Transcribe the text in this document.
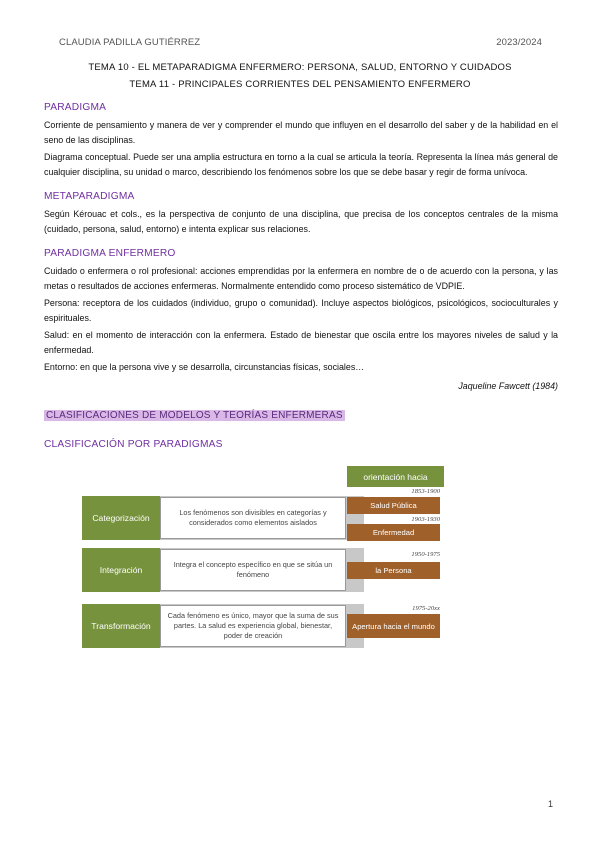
CLAUDIA PADILLA GUTIÉRREZ	2023/2024
TEMA 10 - EL METAPARADIGMA ENFERMERO: PERSONA, SALUD, ENTORNO Y CUIDADOS
TEMA 11 - PRINCIPALES CORRIENTES DEL PENSAMIENTO ENFERMERO

PARADIGMA

Corriente de pensamiento y manera de ver y comprender el mundo que influyen en el desarrollo del saber y de la habilidad en el seno de las disciplinas.

Diagrama conceptual. Puede ser una amplia estructura en torno a la cual se articula la teoría. Representa la línea más general de cualquier disciplina, su unidad o marco, describiendo los fenómenos sobre los que se debe basar y regir de forma unívoca.

METAPARADIGMA

Según Kérouac et cols., es la perspectiva de conjunto de una disciplina, que precisa de los conceptos centrales de la misma (cuidado, persona, salud, entorno) e intenta explicar sus relaciones.

PARADIGMA ENFERMERO

Cuidado o enfermera o rol profesional: acciones emprendidas por la enfermera en nombre de o de acuerdo con la persona, y las metas o resultados de acciones enfermeras. Normalmente entendido como proceso sistemático de VDPIE.

Persona: receptora de los cuidados (individuo, grupo o comunidad). Incluye aspectos biológicos, psicológicos, socioculturales y espirituales.

Salud: en el momento de interacción con la enfermera. Estado de bienestar que oscila entre los mayores niveles de salud y la enfermedad.

Entorno: en que la persona vive y se desarrolla, circunstancias físicas, sociales…

Jaqueline Fawcett (1984)
CLASIFICACIONES DE MODELOS Y TEORÍAS ENFERMERAS

CLASIFICACIÓN POR PARADIGMAS

orientación hacia
Categorización
Los fenómenos son divisibles en categorías y considerados como elementos aislados
1853-1900
Salud Pública
1903-1930
Enfermedad
Integración
Integra el concepto específico en que se sitúa un fenómeno
1950-1975
la Persona
Transformación
Cada fenómeno es único, mayor que la suma de sus partes. La salud es experiencia global, bienestar, poder de creación
1975-20xx
Apertura hacia el mundo
1
